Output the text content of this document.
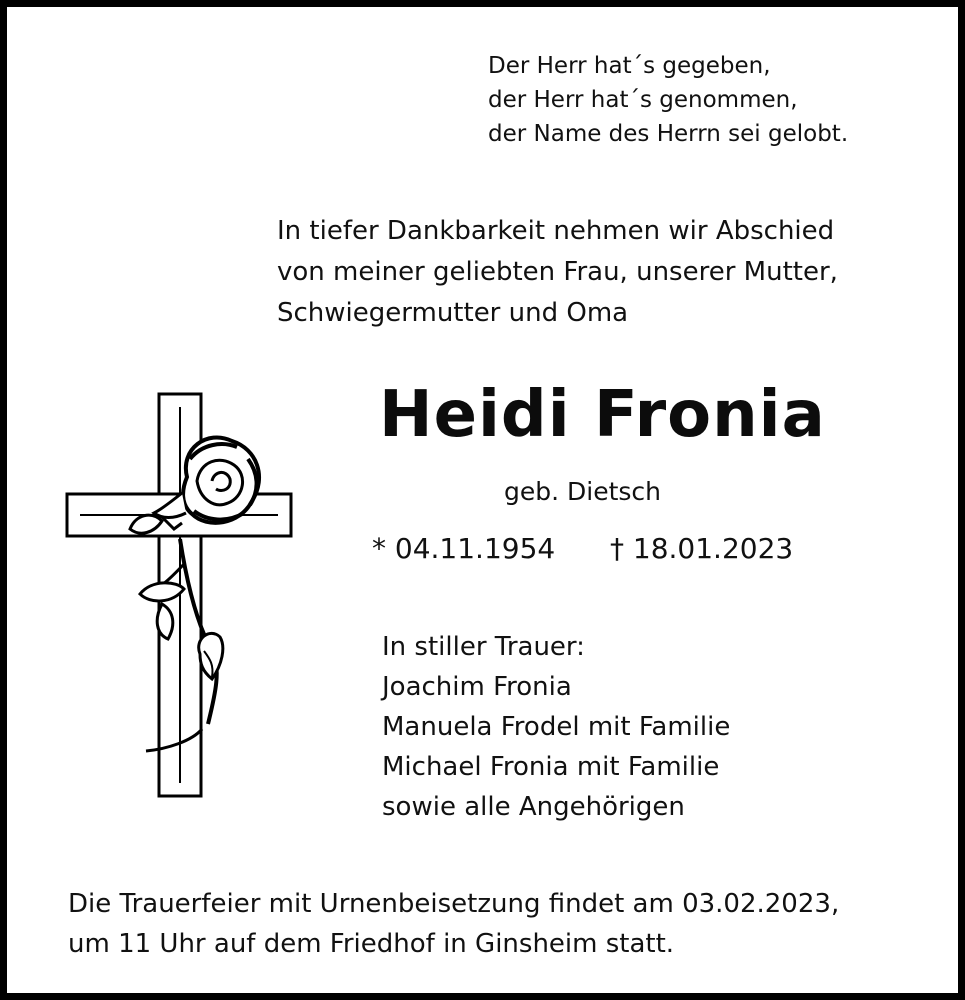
Der Herr hat´s gegeben,
der Herr hat´s genommen,
der Name des Herrn sei gelobt.
In tiefer Dankbarkeit nehmen wir Abschied
von meiner geliebten Frau, unserer Mutter,
Schwiegermutter und Oma
Heidi Fronia
geb. Dietsch
* 04.11.1954 † 18.01.2023
In stiller Trauer:
Joachim Fronia
Manuela Frodel mit Familie
Michael Fronia mit Familie
sowie alle Angehörigen
Die Trauerfeier mit Urnenbeisetzung findet am 03.02.2023,
um 11 Uhr auf dem Friedhof in Ginsheim statt.
